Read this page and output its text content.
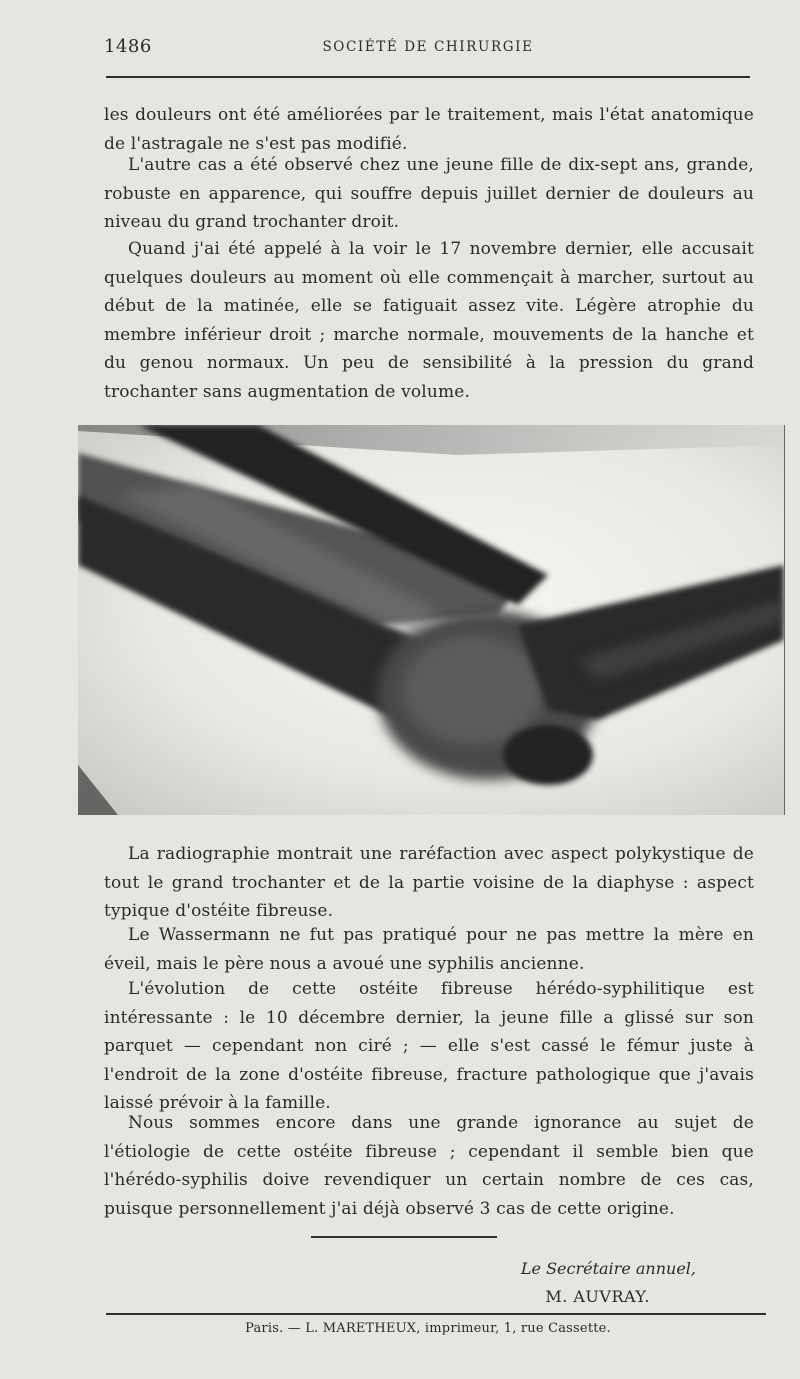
1486	SOCIÉTÉ DE CHIRURGIE

les douleurs ont été améliorées par le traitement, mais l'état anatomique de l'astragale ne s'est pas modifié.

L'autre cas a été observé chez une jeune fille de dix-sept ans, grande, robuste en apparence, qui souffre depuis juillet dernier de douleurs au niveau du grand trochanter droit.

Quand j'ai été appelé à la voir le 17 novembre dernier, elle accusait quelques douleurs au moment où elle commençait à marcher, surtout au début de la matinée, elle se fatiguait assez vite. Légère atrophie du membre inférieur droit ; marche normale, mouvements de la hanche et du genou normaux. Un peu de sensibilité à la pression du grand trochanter sans augmentation de volume.

La radiographie montrait une raréfaction avec aspect polykystique de tout le grand trochanter et de la partie voisine de la diaphyse : aspect typique d'ostéite fibreuse.

Le Wassermann ne fut pas pratiqué pour ne pas mettre la mère en éveil, mais le père nous a avoué une syphilis ancienne.

L'évolution de cette ostéite fibreuse hérédo-syphilitique est intéressante : le 10 décembre dernier, la jeune fille a glissé sur son parquet — cependant non ciré ; — elle s'est cassé le fémur juste à l'endroit de la zone d'ostéite fibreuse, fracture pathologique que j'avais laissé prévoir à la famille.

Nous sommes encore dans une grande ignorance au sujet de l'étiologie de cette ostéite fibreuse ; cependant il semble bien que l'hérédo-syphilis doive revendiquer un certain nombre de ces cas, puisque personnellement j'ai déjà observé 3 cas de cette origine.

Le Secrétaire annuel,
M. AUVRAY.
Paris. — L. MARETHEUX, imprimeur, 1, rue Cassette.
